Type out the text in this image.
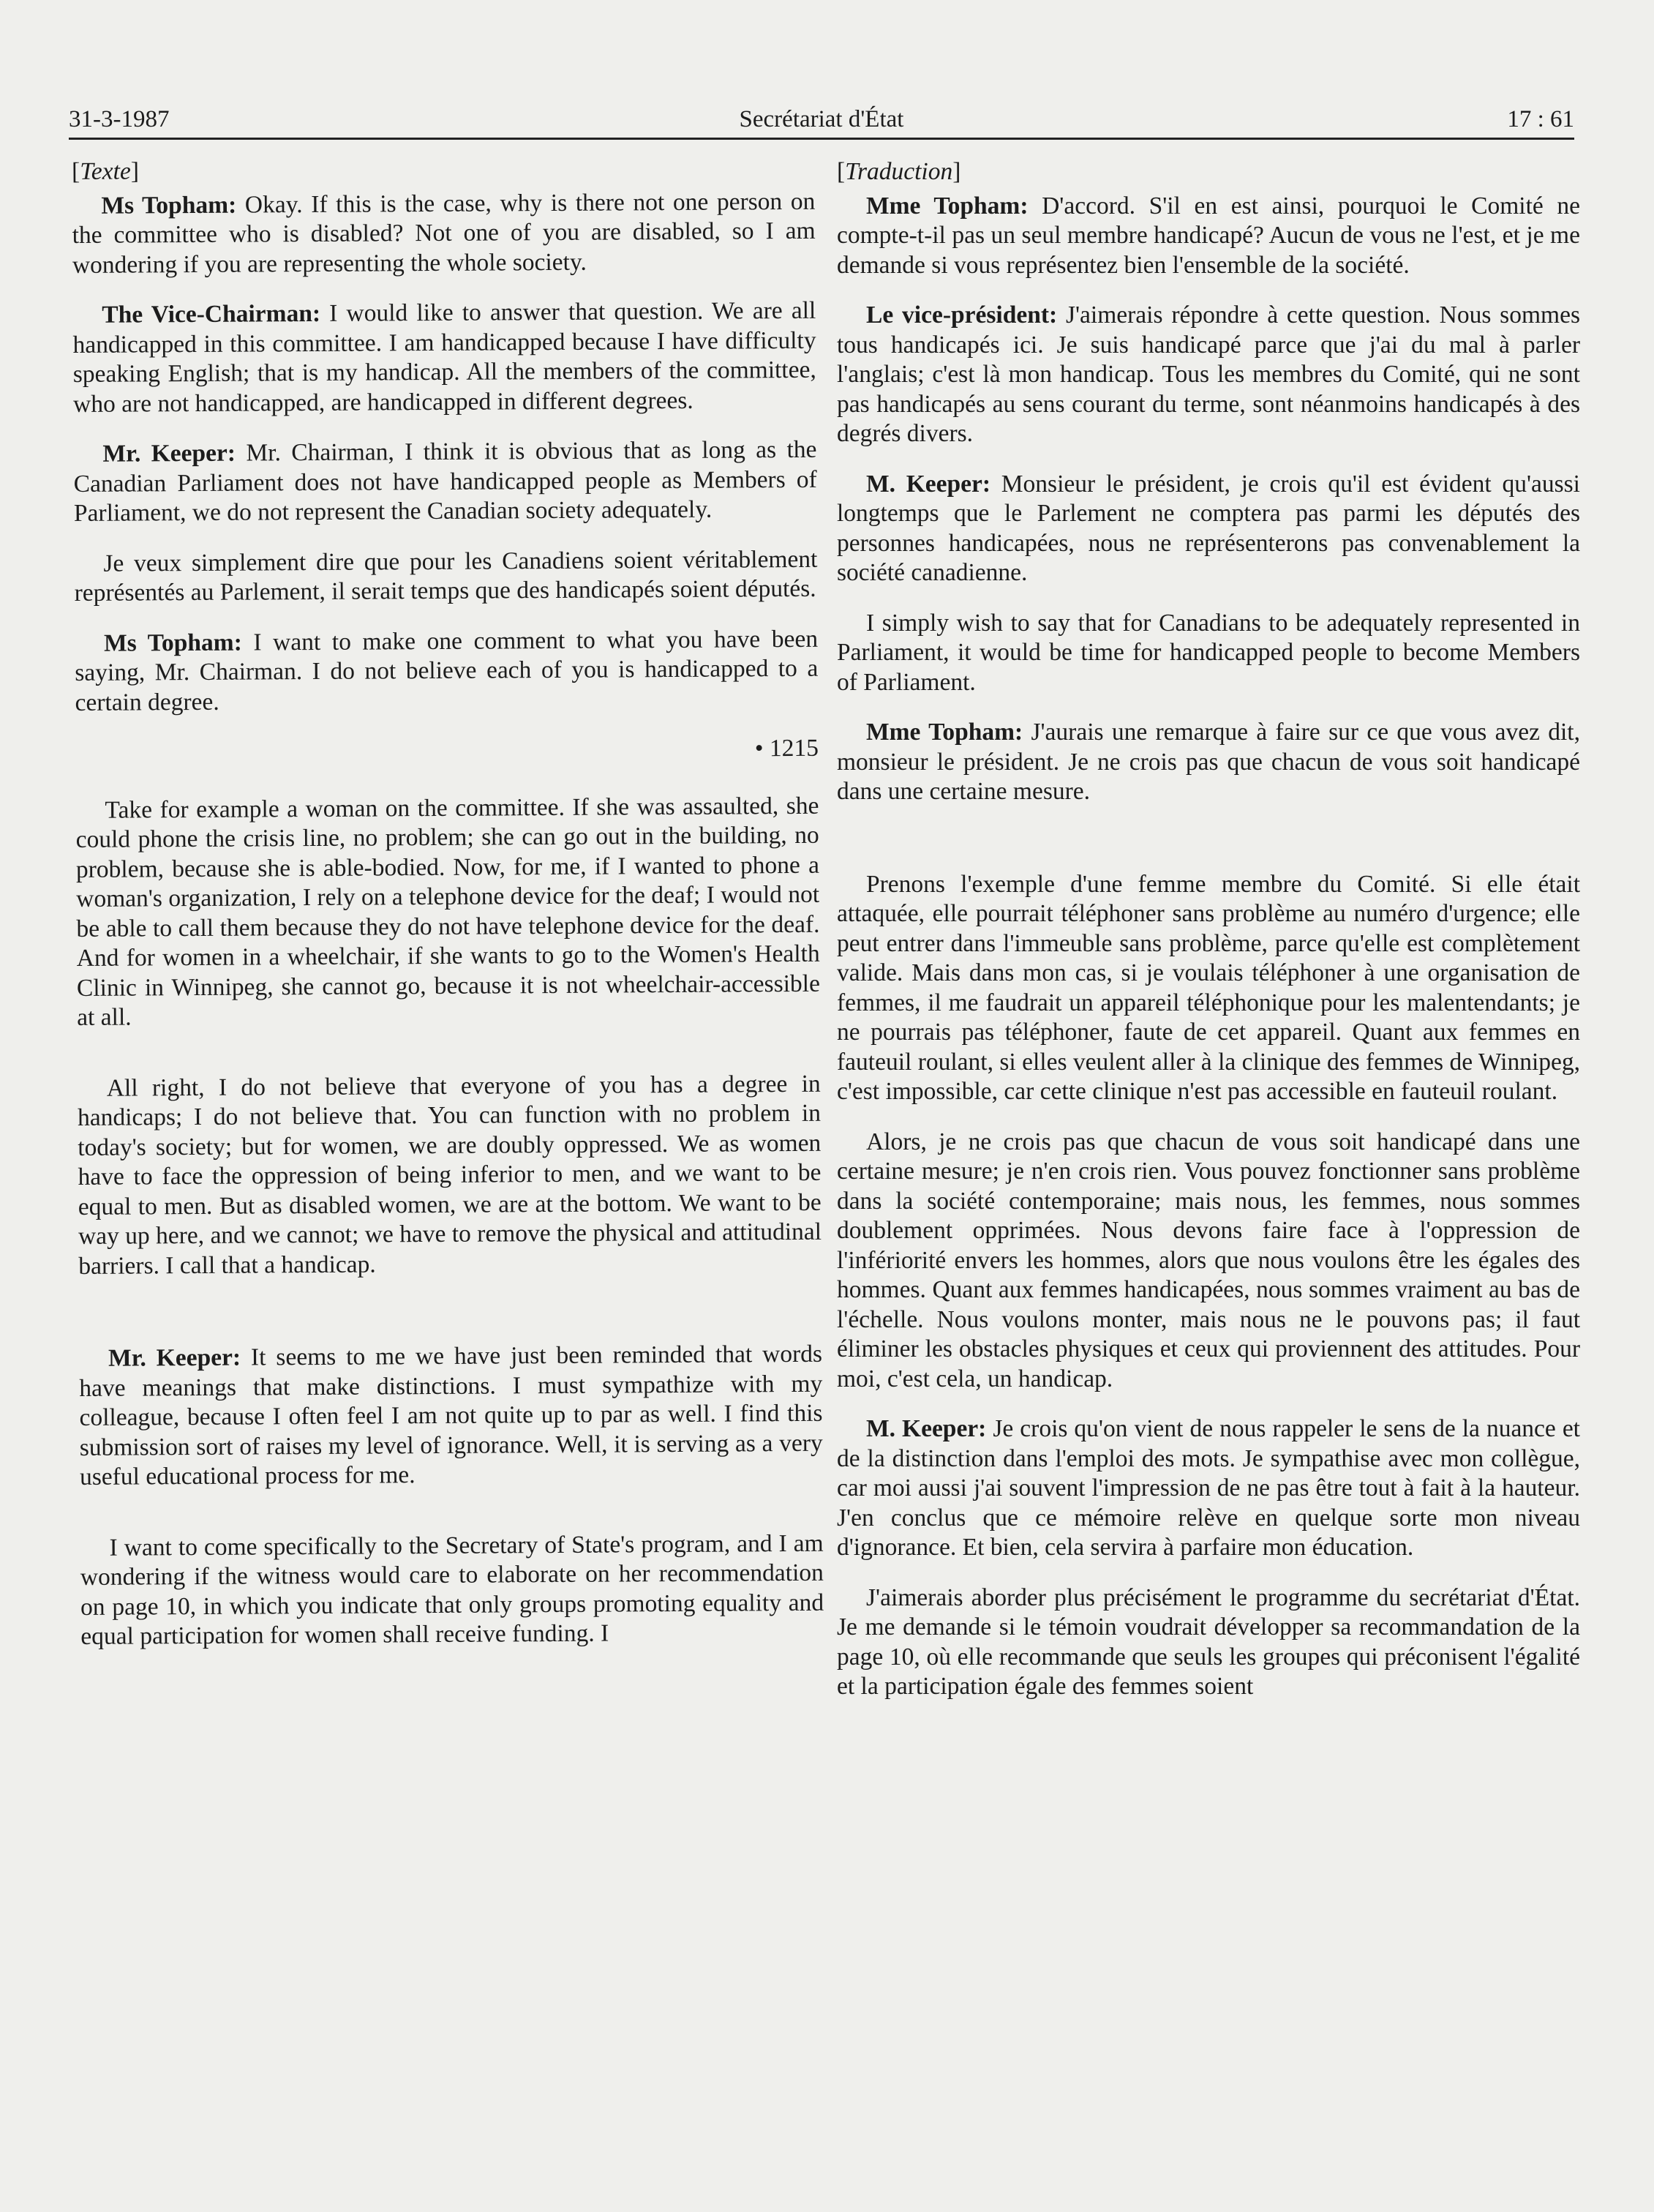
31-3-1987	Secrétariat d'État	17 : 61

[Texte]

Ms Topham: Okay. If this is the case, why is there not one person on the committee who is disabled? Not one of you are disabled, so I am wondering if you are representing the whole society.

The Vice-Chairman: I would like to answer that question. We are all handicapped in this committee. I am handicapped because I have difficulty speaking English; that is my handicap. All the members of the committee, who are not handicapped, are handicapped in different degrees.

Mr. Keeper: Mr. Chairman, I think it is obvious that as long as the Canadian Parliament does not have handicapped people as Members of Parliament, we do not represent the Canadian society adequately.

Je veux simplement dire que pour les Canadiens soient véritablement représentés au Parlement, il serait temps que des handicapés soient députés.

Ms Topham: I want to make one comment to what you have been saying, Mr. Chairman. I do not believe each of you is handicapped to a certain degree.

• 1215

Take for example a woman on the committee. If she was assaulted, she could phone the crisis line, no problem; she can go out in the building, no problem, because she is able-bodied. Now, for me, if I wanted to phone a woman's organization, I rely on a telephone device for the deaf; I would not be able to call them because they do not have telephone device for the deaf. And for women in a wheelchair, if she wants to go to the Women's Health Clinic in Winnipeg, she cannot go, because it is not wheelchair-accessible at all.

All right, I do not believe that everyone of you has a degree in handicaps; I do not believe that. You can function with no problem in today's society; but for women, we are doubly oppressed. We as women have to face the oppression of being inferior to men, and we want to be equal to men. But as disabled women, we are at the bottom. We want to be way up here, and we cannot; we have to remove the physical and attitudinal barriers. I call that a handicap.

Mr. Keeper: It seems to me we have just been reminded that words have meanings that make distinctions. I must sympathize with my colleague, because I often feel I am not quite up to par as well. I find this submission sort of raises my level of ignorance. Well, it is serving as a very useful educational process for me.

I want to come specifically to the Secretary of State's program, and I am wondering if the witness would care to elaborate on her recommendation on page 10, in which you indicate that only groups promoting equality and equal participation for women shall receive funding. I

[Traduction]

Mme Topham: D'accord. S'il en est ainsi, pourquoi le Comité ne compte-t-il pas un seul membre handicapé? Aucun de vous ne l'est, et je me demande si vous représentez bien l'ensemble de la société.

Le vice-président: J'aimerais répondre à cette question. Nous sommes tous handicapés ici. Je suis handicapé parce que j'ai du mal à parler l'anglais; c'est là mon handicap. Tous les membres du Comité, qui ne sont pas handicapés au sens courant du terme, sont néanmoins handicapés à des degrés divers.

M. Keeper: Monsieur le président, je crois qu'il est évident qu'aussi longtemps que le Parlement ne comptera pas parmi les députés des personnes handicapées, nous ne représenterons pas convenablement la société canadienne.

I simply wish to say that for Canadians to be adequately represented in Parliament, it would be time for handicapped people to become Members of Parliament.

Mme Topham: J'aurais une remarque à faire sur ce que vous avez dit, monsieur le président. Je ne crois pas que chacun de vous soit handicapé dans une certaine mesure.

Prenons l'exemple d'une femme membre du Comité. Si elle était attaquée, elle pourrait téléphoner sans problème au numéro d'urgence; elle peut entrer dans l'immeuble sans problème, parce qu'elle est complètement valide. Mais dans mon cas, si je voulais téléphoner à une organisation de femmes, il me faudrait un appareil téléphonique pour les malentendants; je ne pourrais pas téléphoner, faute de cet appareil. Quant aux femmes en fauteuil roulant, si elles veulent aller à la clinique des femmes de Winnipeg, c'est impossible, car cette clinique n'est pas accessible en fauteuil roulant.

Alors, je ne crois pas que chacun de vous soit handicapé dans une certaine mesure; je n'en crois rien. Vous pouvez fonctionner sans problème dans la société contemporaine; mais nous, les femmes, nous sommes doublement opprimées. Nous devons faire face à l'oppression de l'infériorité envers les hommes, alors que nous voulons être les égales des hommes. Quant aux femmes handicapées, nous sommes vraiment au bas de l'échelle. Nous voulons monter, mais nous ne le pouvons pas; il faut éliminer les obstacles physiques et ceux qui proviennent des attitudes. Pour moi, c'est cela, un handicap.

M. Keeper: Je crois qu'on vient de nous rappeler le sens de la nuance et de la distinction dans l'emploi des mots. Je sympathise avec mon collègue, car moi aussi j'ai souvent l'impression de ne pas être tout à fait à la hauteur. J'en conclus que ce mémoire relève en quelque sorte mon niveau d'ignorance. Et bien, cela servira à parfaire mon éducation.

J'aimerais aborder plus précisément le programme du secrétariat d'État. Je me demande si le témoin voudrait développer sa recommandation de la page 10, où elle recommande que seuls les groupes qui préconisent l'égalité et la participation égale des femmes soient
